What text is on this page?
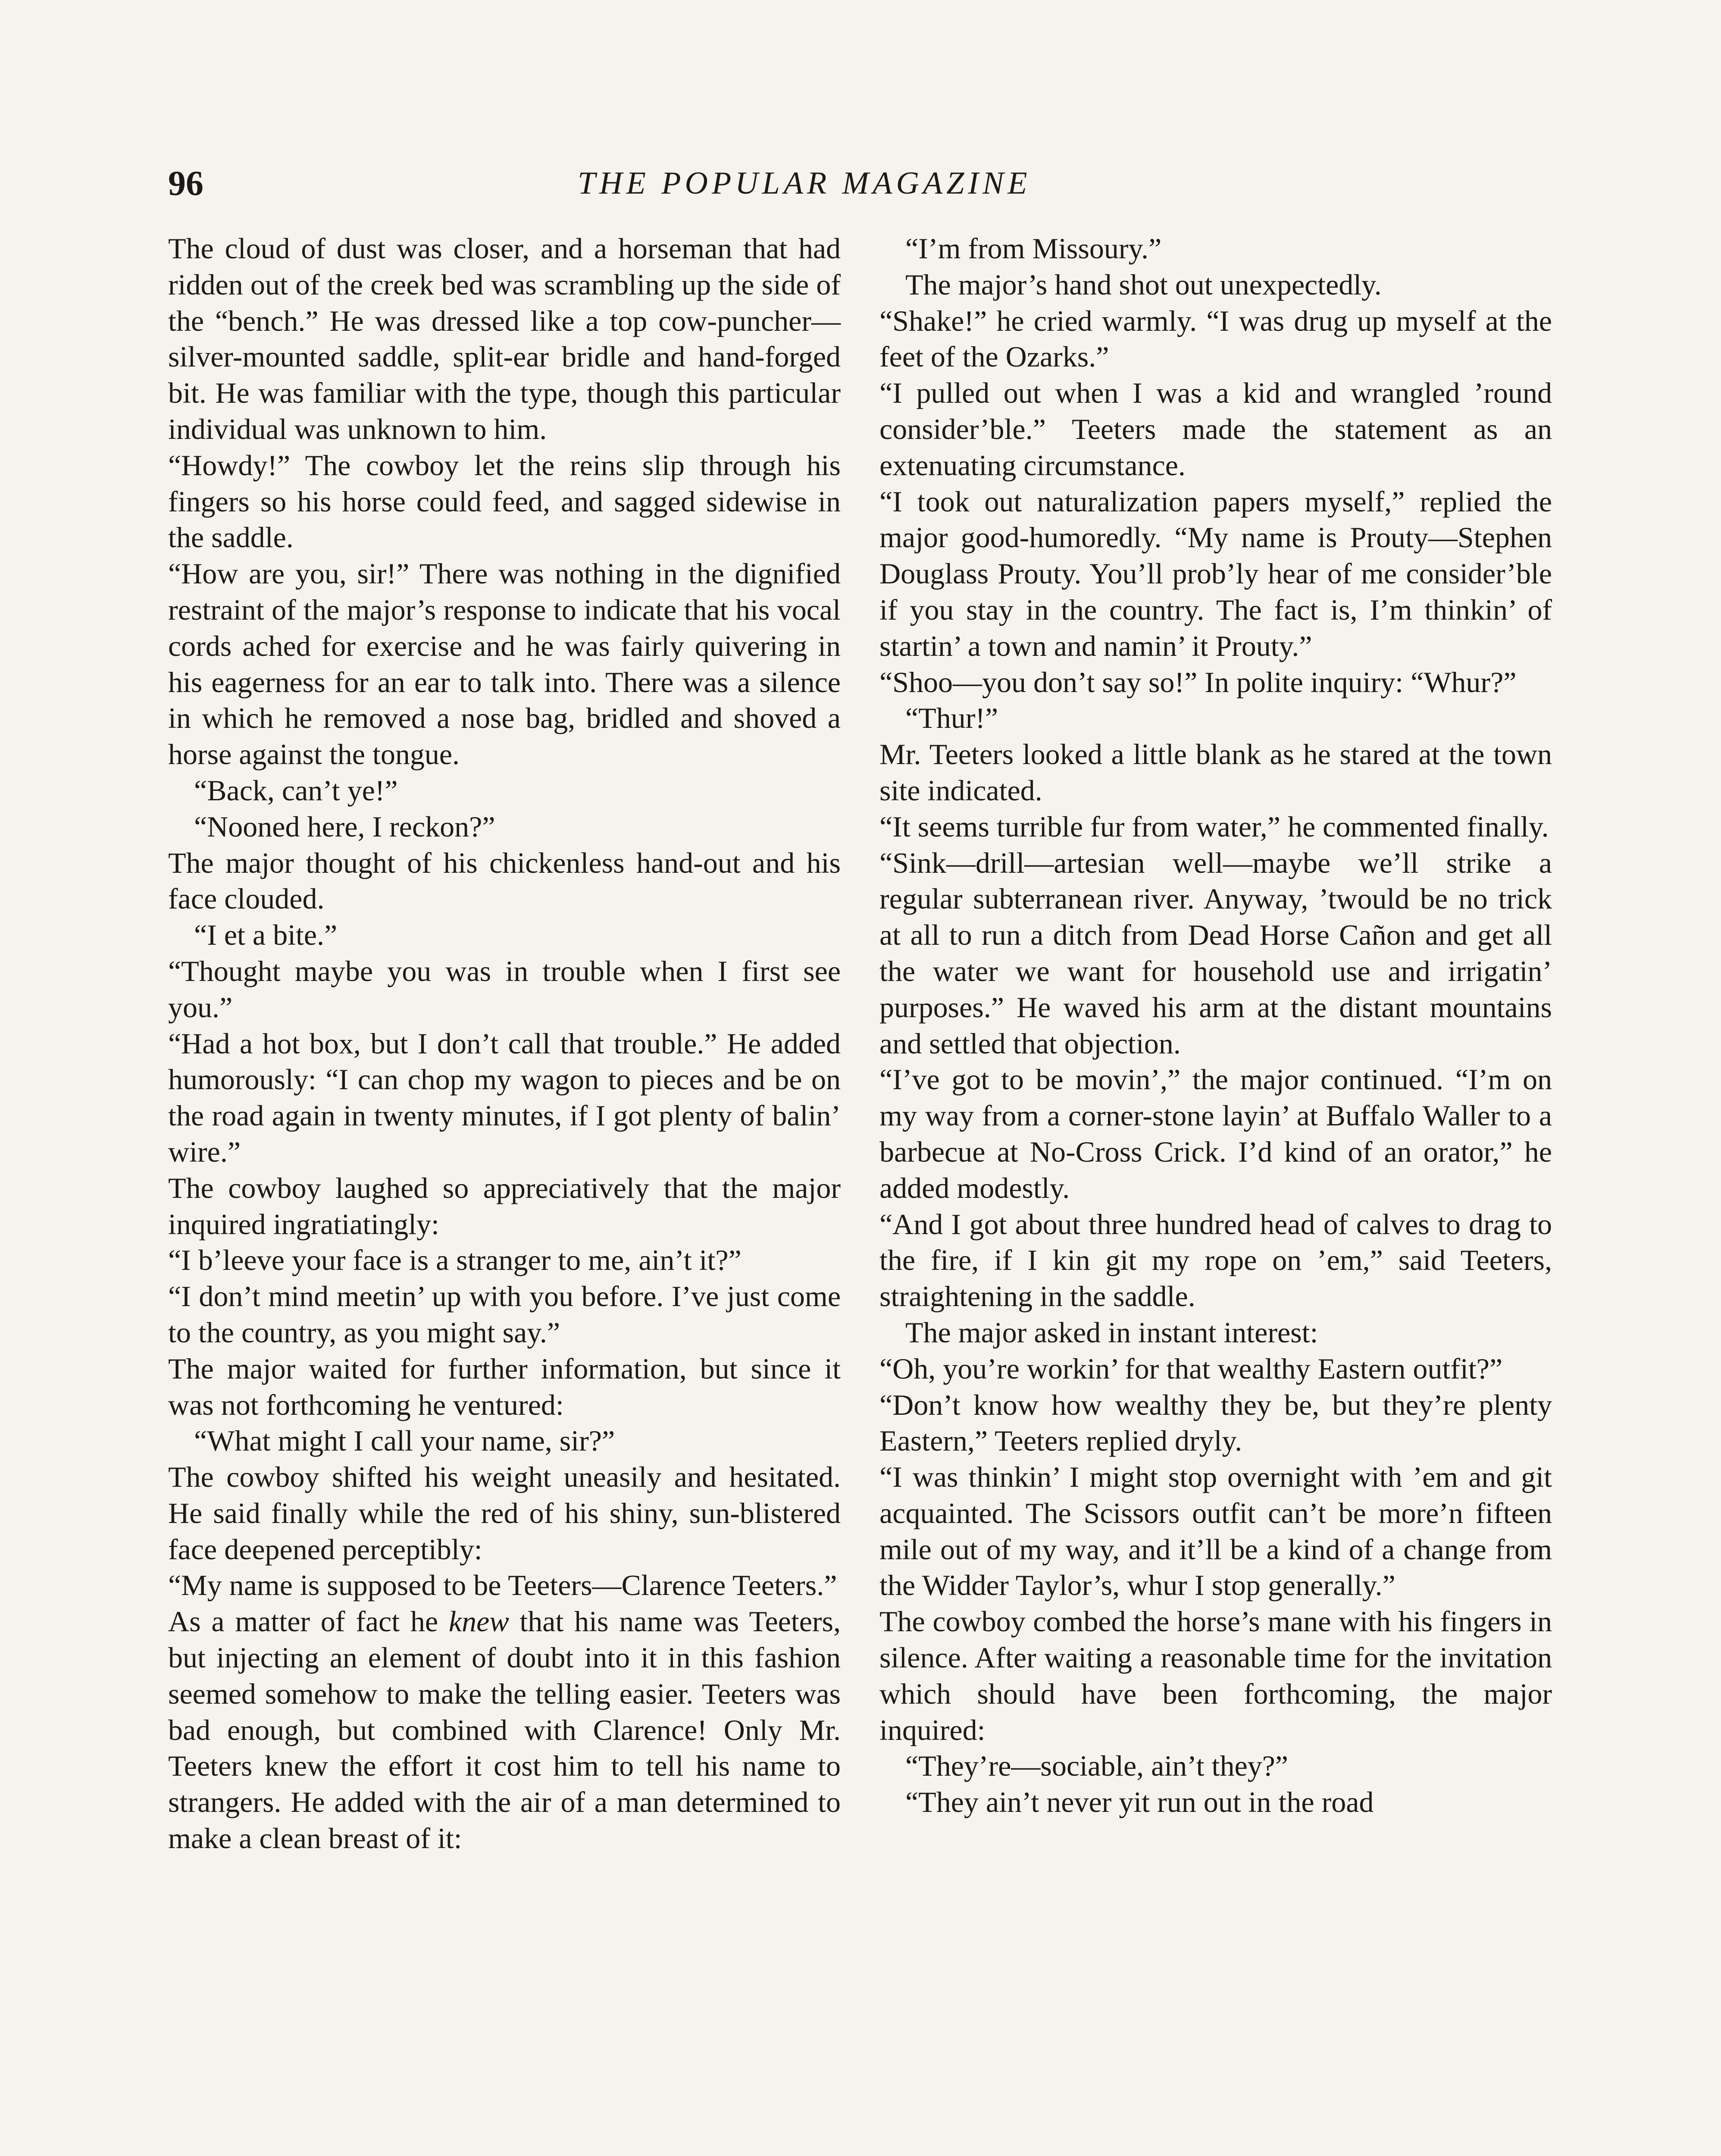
96	THE POPULAR MAGAZINE

The cloud of dust was closer, and a horseman that had ridden out of the creek bed was scrambling up the side of the “bench.” He was dressed like a top cow-puncher—silver-mounted saddle, split-ear bridle and hand-forged bit. He was familiar with the type, though this particular individual was unknown to him.

“Howdy!” The cowboy let the reins slip through his fingers so his horse could feed, and sagged sidewise in the saddle.

“How are you, sir!” There was nothing in the dignified restraint of the major’s response to indicate that his vocal cords ached for exercise and he was fairly quivering in his eagerness for an ear to talk into. There was a silence in which he removed a nose bag, bridled and shoved a horse against the tongue.

“Back, can’t ye!”

“Nooned here, I reckon?”

The major thought of his chickenless hand-out and his face clouded.

“I et a bite.”

“Thought maybe you was in trouble when I first see you.”

“Had a hot box, but I don’t call that trouble.” He added humorously: “I can chop my wagon to pieces and be on the road again in twenty minutes, if I got plenty of balin’ wire.”

The cowboy laughed so appreciatively that the major inquired ingratiatingly:

“I b’leeve your face is a stranger to me, ain’t it?”

“I don’t mind meetin’ up with you before. I’ve just come to the country, as you might say.”

The major waited for further information, but since it was not forthcoming he ventured:

“What might I call your name, sir?”

The cowboy shifted his weight uneasily and hesitated. He said finally while the red of his shiny, sun-blistered face deepened perceptibly:

“My name is supposed to be Teeters—Clarence Teeters.”

As a matter of fact he knew that his name was Teeters, but injecting an element of doubt into it in this fashion seemed somehow to make the telling easier. Teeters was bad enough, but combined with Clarence! Only Mr. Teeters knew the effort it cost him to tell his name to strangers. He added with the air of a man determined to make a clean breast of it:

“I’m from Missoury.”

The major’s hand shot out unexpectedly.

“Shake!” he cried warmly. “I was drug up myself at the feet of the Ozarks.”

“I pulled out when I was a kid and wrangled ’round consider’ble.” Teeters made the statement as an extenuating circumstance.

“I took out naturalization papers myself,” replied the major good-humoredly. “My name is Prouty—Stephen Douglass Prouty. You’ll prob’ly hear of me consider’ble if you stay in the country. The fact is, I’m thinkin’ of startin’ a town and namin’ it Prouty.”

“Shoo—you don’t say so!” In polite inquiry: “Whur?”

“Thur!”

Mr. Teeters looked a little blank as he stared at the town site indicated.

“It seems turrible fur from water,” he commented finally.

“Sink—drill—artesian well—maybe we’ll strike a regular subterranean river. Anyway, ’twould be no trick at all to run a ditch from Dead Horse Cañon and get all the water we want for household use and irrigatin’ purposes.” He waved his arm at the distant mountains and settled that objection.

“I’ve got to be movin’,” the major continued. “I’m on my way from a corner-stone layin’ at Buffalo Waller to a barbecue at No-Cross Crick. I’d kind of an orator,” he added modestly.

“And I got about three hundred head of calves to drag to the fire, if I kin git my rope on ’em,” said Teeters, straightening in the saddle.

The major asked in instant interest:

“Oh, you’re workin’ for that wealthy Eastern outfit?”

“Don’t know how wealthy they be, but they’re plenty Eastern,” Teeters replied dryly.

“I was thinkin’ I might stop overnight with ’em and git acquainted. The Scissors outfit can’t be more’n fifteen mile out of my way, and it’ll be a kind of a change from the Widder Taylor’s, whur I stop generally.”

The cowboy combed the horse’s mane with his fingers in silence. After waiting a reasonable time for the invitation which should have been forthcoming, the major inquired:

“They’re—sociable, ain’t they?”

“They ain’t never yit run out in the road
